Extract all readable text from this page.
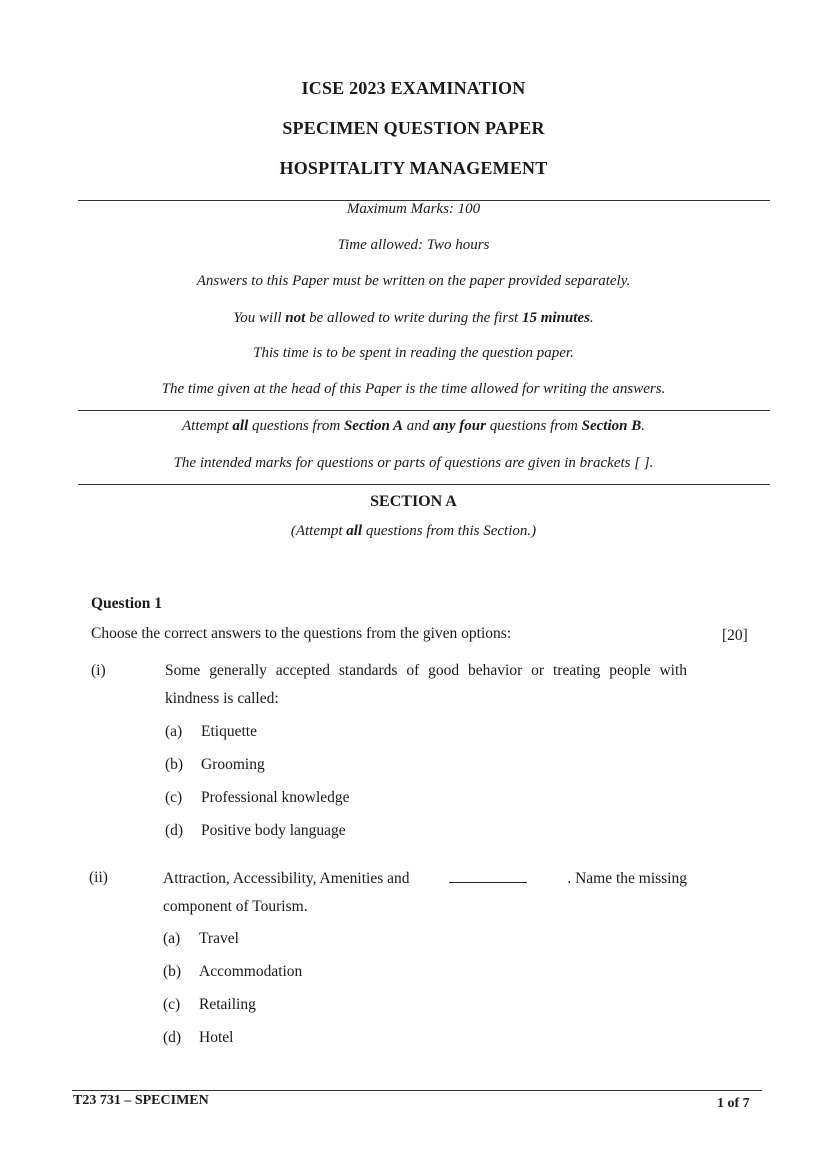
ICSE 2023 EXAMINATION
SPECIMEN QUESTION PAPER
HOSPITALITY MANAGEMENT
Maximum Marks: 100
Time allowed: Two hours
Answers to this Paper must be written on the paper provided separately.
You will not be allowed to write during the first 15 minutes.
This time is to be spent in reading the question paper.
The time given at the head of this Paper is the time allowed for writing the answers.
Attempt all questions from Section A and any four questions from Section B.
The intended marks for questions or parts of questions are given in brackets [ ].
SECTION A
(Attempt all questions from this Section.)
Question 1
Choose the correct answers to the questions from the given options:	[20]
(i)	Some generally accepted standards of good behavior or treating people with
kindness is called:
(a) Etiquette
(b) Grooming
(c) Professional knowledge
(d) Positive body language
(ii)	Attraction, Accessibility, Amenities and	. Name the missing
component of Tourism.
(a) Travel
(b) Accommodation
(c) Retailing
(d) Hotel
T23 731 – SPECIMEN	1 of 7
